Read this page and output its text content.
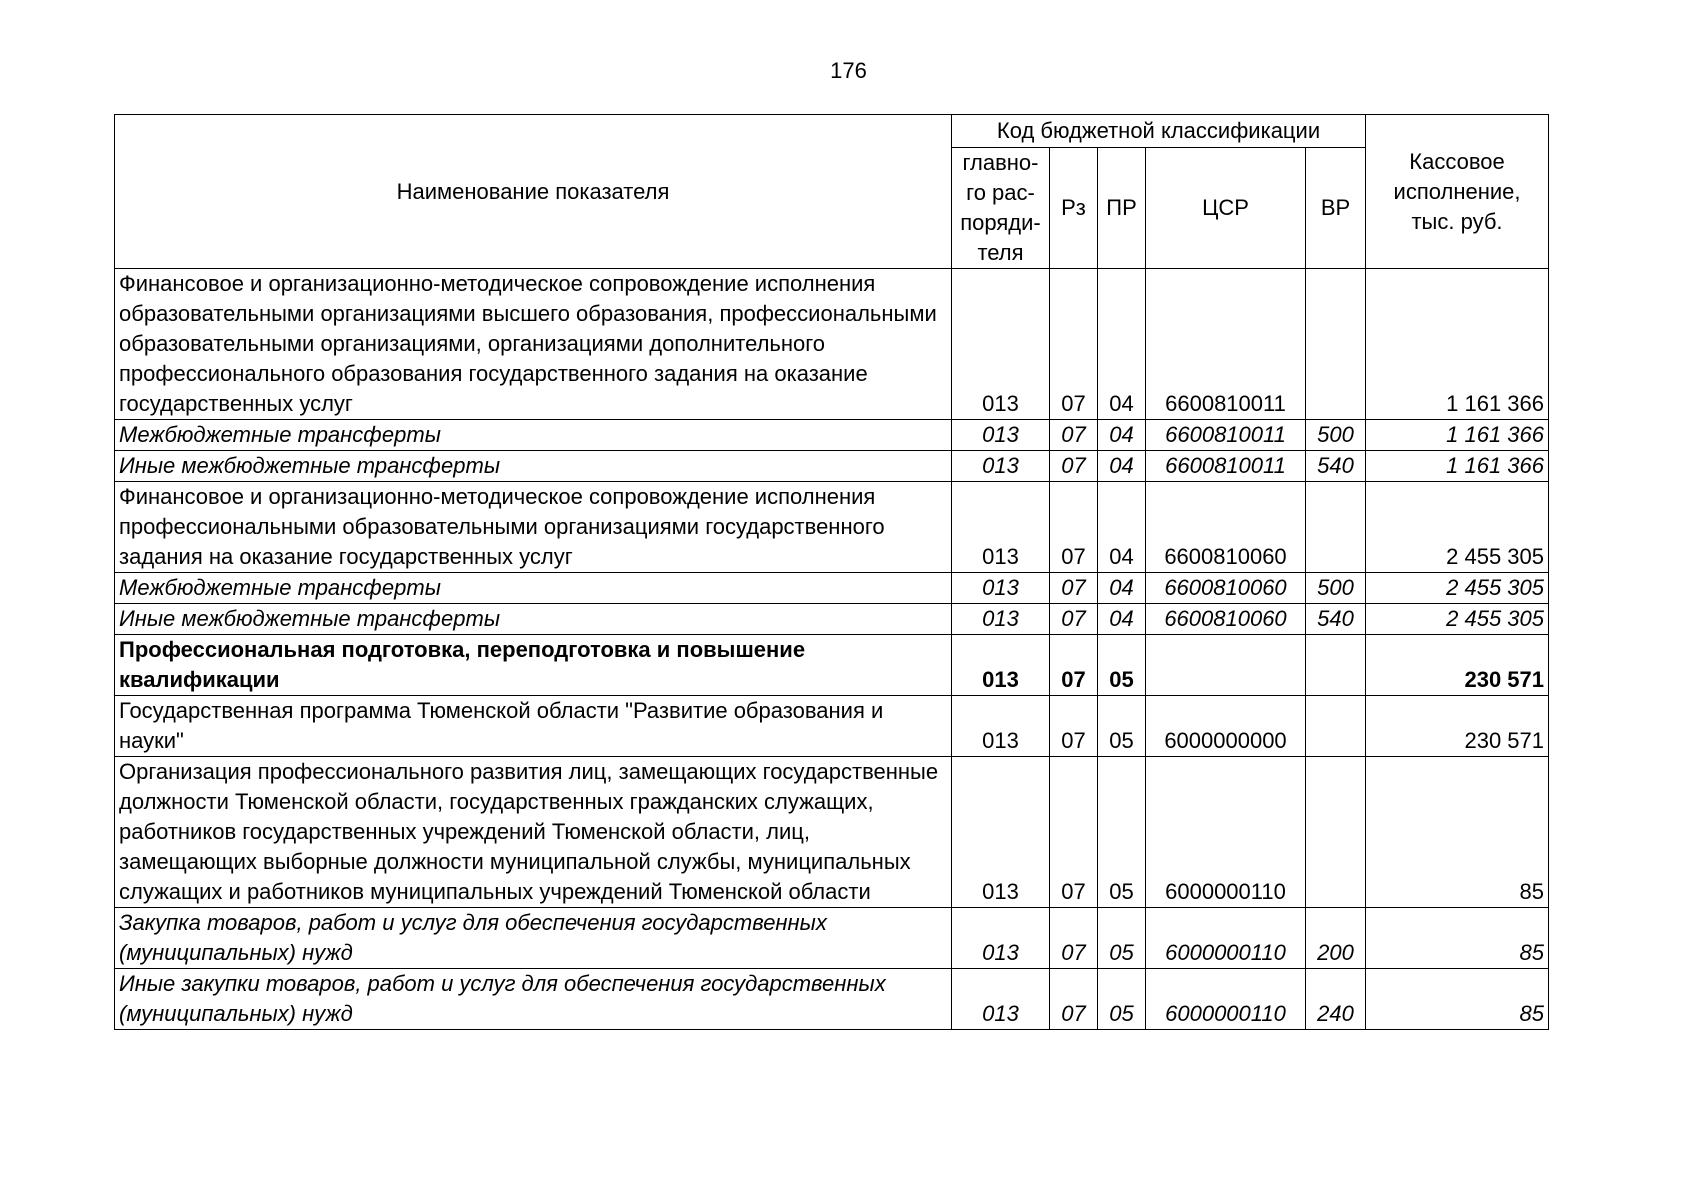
176
Наименование показателя	Код бюджетной классификации					Кассовое исполнение, тыс. руб.
	главно-го рас-поряди-теля	Рз	ПР	ЦСР	ВР	
Финансовое и организационно-методическое сопровождение исполнения образовательными организациями высшего образования, профессиональными образовательными организациями, организациями дополнительного профессионального образования государственного задания на оказание государственных услуг	013	07	04	6600810011		1 161 366
Межбюджетные трансферты	013	07	04	6600810011	500	1 161 366
Иные межбюджетные трансферты	013	07	04	6600810011	540	1 161 366
Финансовое и организационно-методическое сопровождение исполнения профессиональными образовательными организациями государственного задания на оказание государственных услуг	013	07	04	6600810060		2 455 305
Межбюджетные трансферты	013	07	04	6600810060	500	2 455 305
Иные межбюджетные трансферты	013	07	04	6600810060	540	2 455 305
Профессиональная подготовка, переподготовка и повышение квалификации	013	07	05			230 571
Государственная программа Тюменской области "Развитие образования и науки"	013	07	05	6000000000		230 571
Организация профессионального развития лиц, замещающих государственные должности Тюменской области, государственных гражданских служащих, работников государственных учреждений Тюменской области, лиц, замещающих выборные должности муниципальной службы, муниципальных служащих и работников муниципальных учреждений Тюменской области	013	07	05	6000000110		85
Закупка товаров, работ и услуг для обеспечения государственных (муниципальных) нужд	013	07	05	6000000110	200	85
Иные закупки товаров, работ и услуг для обеспечения государственных (муниципальных) нужд	013	07	05	6000000110	240	85
